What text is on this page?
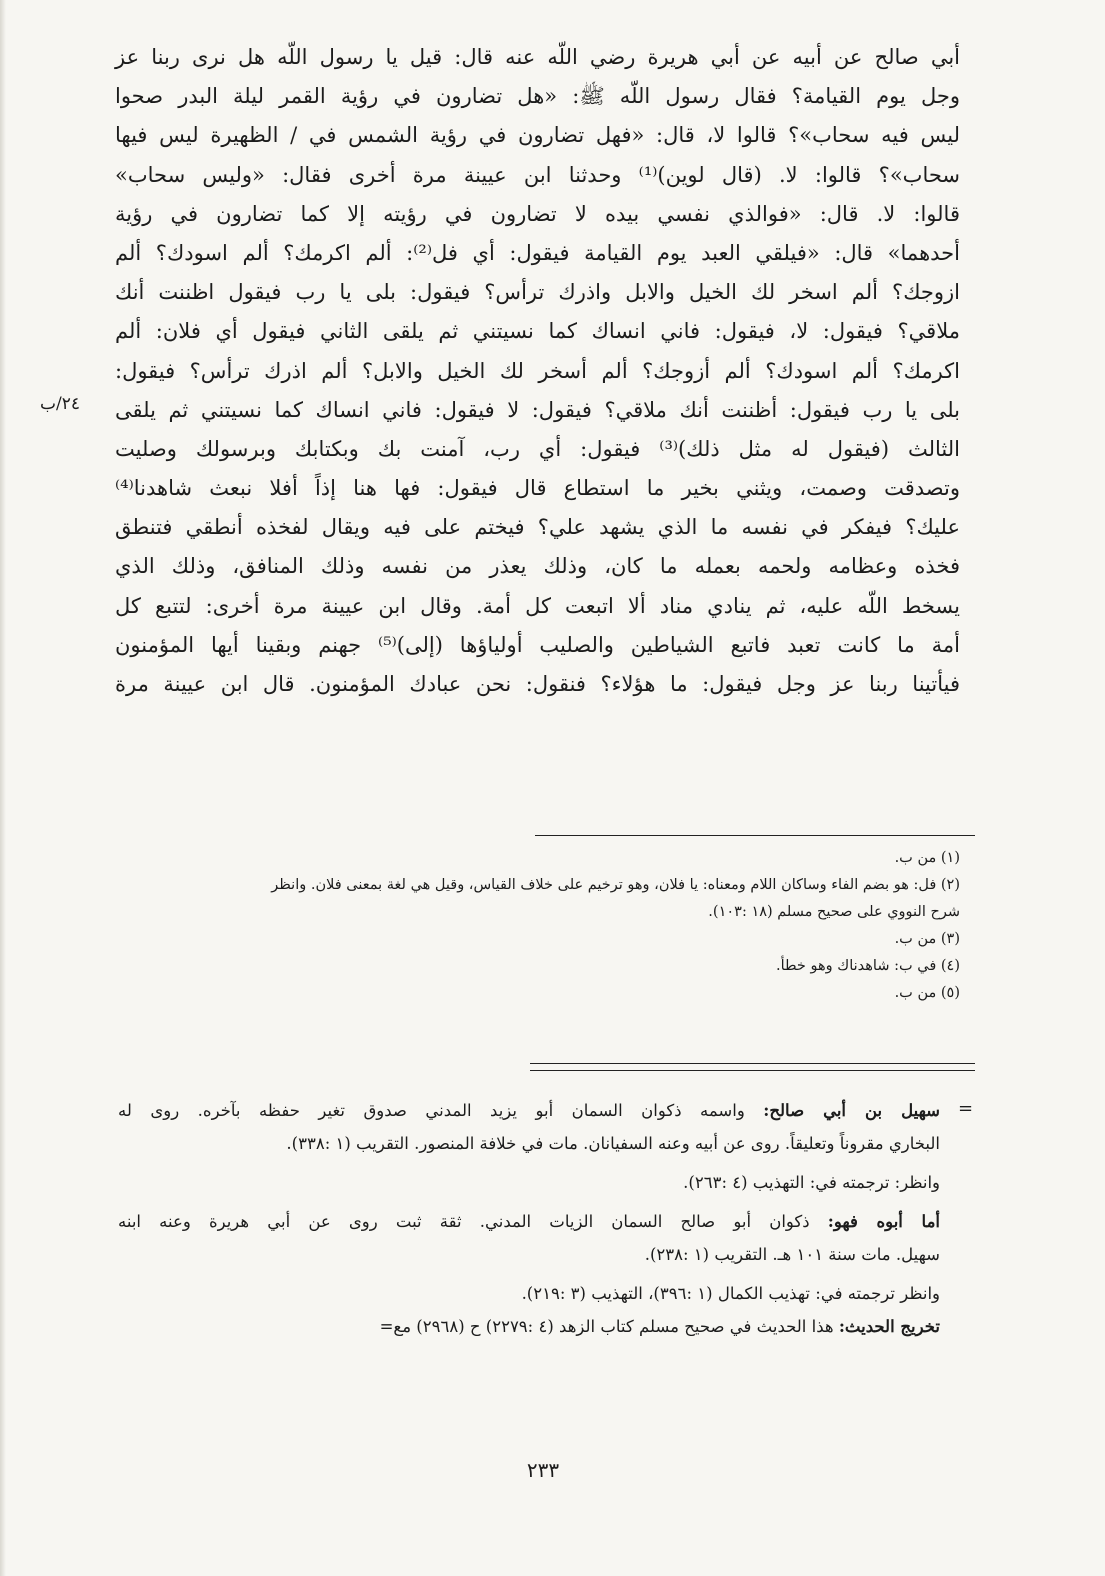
أبي صالح عن أبيه عن أبي هريرة رضي اللّه عنه قال: قيل يا رسول اللّه هل نرى ربنا عز
وجل يوم القيامة؟ فقال رسول اللّه ﷺ: «هل تضارون في رؤية القمر ليلة البدر صحوا
ليس فيه سحاب»؟ قالوا لا، قال: «فهل تضارون في رؤية الشمس في / الظهيرة ليس فيها
سحاب»؟ قالوا: لا. (قال لوين)⁽¹⁾ وحدثنا ابن عيينة مرة أخرى فقال: «وليس سحاب»
قالوا: لا. قال: «فوالذي نفسي بيده لا تضارون في رؤيته إلا كما تضارون في رؤية
أحدهما» قال: «فيلقي العبد يوم القيامة فيقول: أي فل⁽²⁾: ألم اكرمك؟ ألم اسودك؟ ألم
ازوجك؟ ألم اسخر لك الخيل والابل واذرك ترأس؟ فيقول: بلى يا رب فيقول اظننت أنك
ملاقي؟ فيقول: لا، فيقول: فاني انساك كما نسيتني ثم يلقى الثاني فيقول أي فلان: ألم
اكرمك؟ ألم اسودك؟ ألم أزوجك؟ ألم أسخر لك الخيل والابل؟ ألم اذرك ترأس؟ فيقول:
بلى يا رب فيقول: أظننت أنك ملاقي؟ فيقول: لا فيقول: فاني انساك كما نسيتني ثم يلقى
الثالث (فيقول له مثل ذلك)⁽³⁾ فيقول: أي رب، آمنت بك وبكتابك وبرسولك وصليت
وتصدقت وصمت، ويثني بخير ما استطاع قال فيقول: فها هنا إذاً أفلا نبعث شاهدنا⁽⁴⁾
عليك؟ فيفكر في نفسه ما الذي يشهد علي؟ فيختم على فيه ويقال لفخذه أنطقي فتنطق
فخذه وعظامه ولحمه بعمله ما كان، وذلك يعذر من نفسه وذلك المنافق، وذلك الذي
يسخط اللّه عليه، ثم ينادي مناد ألا اتبعت كل أمة. وقال ابن عيينة مرة أخرى: لتتبع كل
أمة ما كانت تعبد فاتبع الشياطين والصليب أولياؤها (إلى)⁽⁵⁾ جهنم وبقينا أيها المؤمنون
فيأتينا ربنا عز وجل فيقول: ما هؤلاء؟ فنقول: نحن عبادك المؤمنون. قال ابن عيينة مرة
٢٤/ب
(١) من ب.
(٢) فل: هو بضم الفاء وساكان اللام ومعناه: يا فلان، وهو ترخيم على خلاف القياس، وقيل هي لغة بمعنى فلان. وانظر
شرح النووي على صحيح مسلم (١٨ :١٠٣).
(٣) من ب.
(٤) في ب: شاهدناك وهو خطأ.
(٥) من ب.
=
سهيل بن أبي صالح: واسمه ذكوان السمان أبو يزيد المدني صدوق تغير حفظه بآخره. روى له
البخاري مقروناً وتعليقاً. روى عن أبيه وعنه السفيانان. مات في خلافة المنصور. التقريب (١ :٣٣٨).
وانظر: ترجمته في: التهذيب (٤ :٢٦٣).
أما أبوه فهو: ذكوان أبو صالح السمان الزيات المدني. ثقة ثبت روى عن أبي هريرة وعنه ابنه
سهيل. مات سنة ١٠١ هـ. التقريب (١ :٢٣٨).
وانظر ترجمته في: تهذيب الكمال (١ :٣٩٦)، التهذيب (٣ :٢١٩).
تخريج الحديث: هذا الحديث في صحيح مسلم كتاب الزهد (٤ :٢٢٧٩) ح (٢٩٦٨) مع=
٢٣٣
